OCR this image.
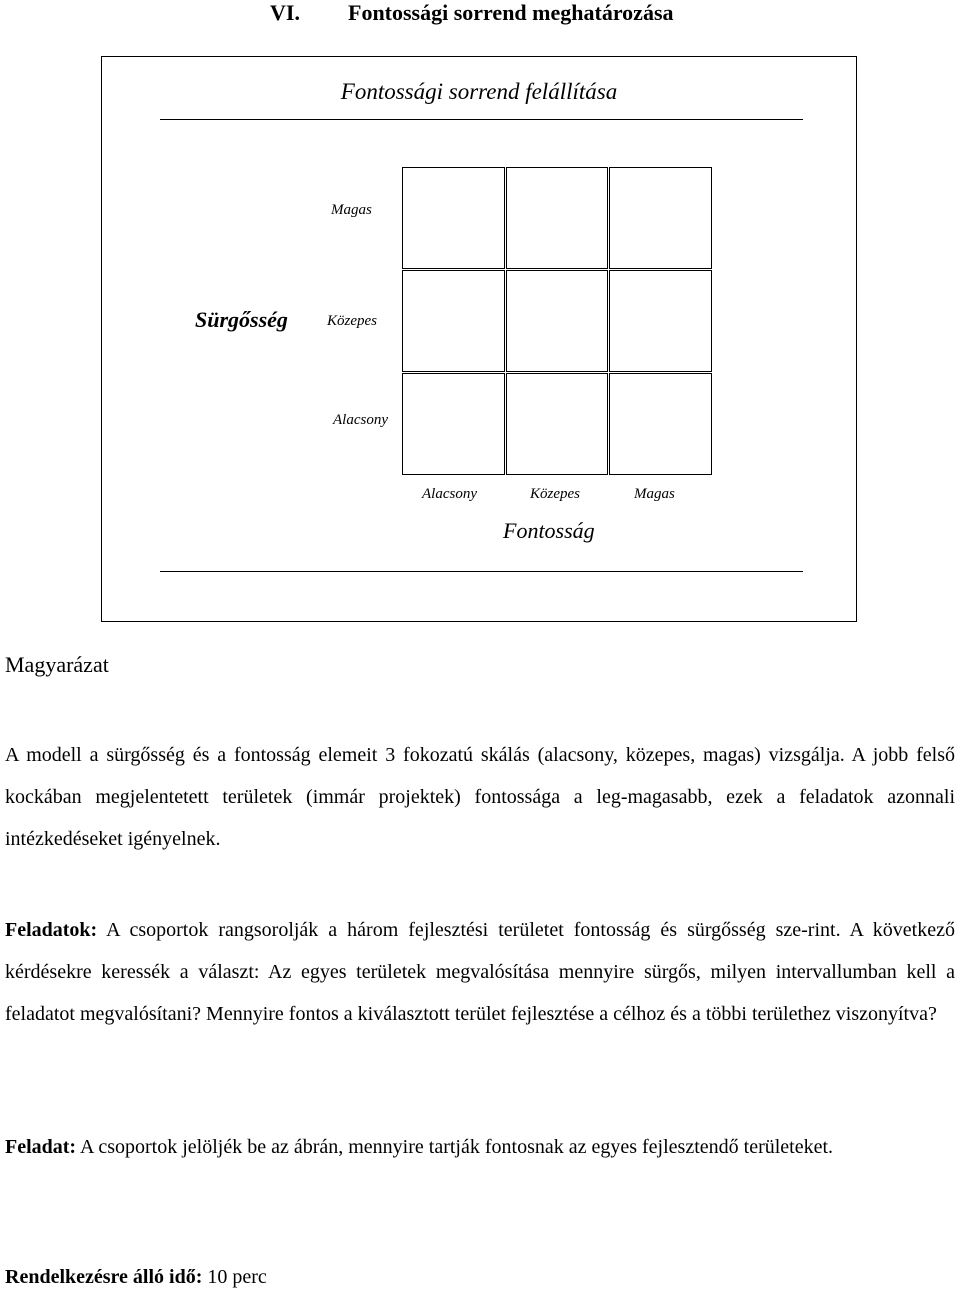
VI. Fontossági sorrend meghatározása
Fontossági sorrend felállítása
Magas
Sürgősség	Közepes
Alacsony
Alacsony	Közepes	Magas
Fontosság
Magyarázat

A modell a sürgősség és a fontosság elemeit 3 fokozatú skálás (alacsony, közepes, magas) vizsgálja. A jobb felső kockában megjelentetett területek (immár projektek) fontossága a leg-magasabb, ezek a feladatok azonnali intézkedéseket igényelnek.

Feladatok: A csoportok rangsorolják a három fejlesztési területet fontosság és sürgősség sze-rint. A következő kérdésekre keressék a választ: Az egyes területek megvalósítása mennyire sürgős, milyen intervallumban kell a feladatot megvalósítani? Mennyire fontos a kiválasztott terület fejlesztése a célhoz és a többi területhez viszonyítva?

Feladat: A csoportok jelöljék be az ábrán, mennyire tartják fontosnak az egyes fejlesztendő területeket.

Rendelkezésre álló idő: 10 perc
